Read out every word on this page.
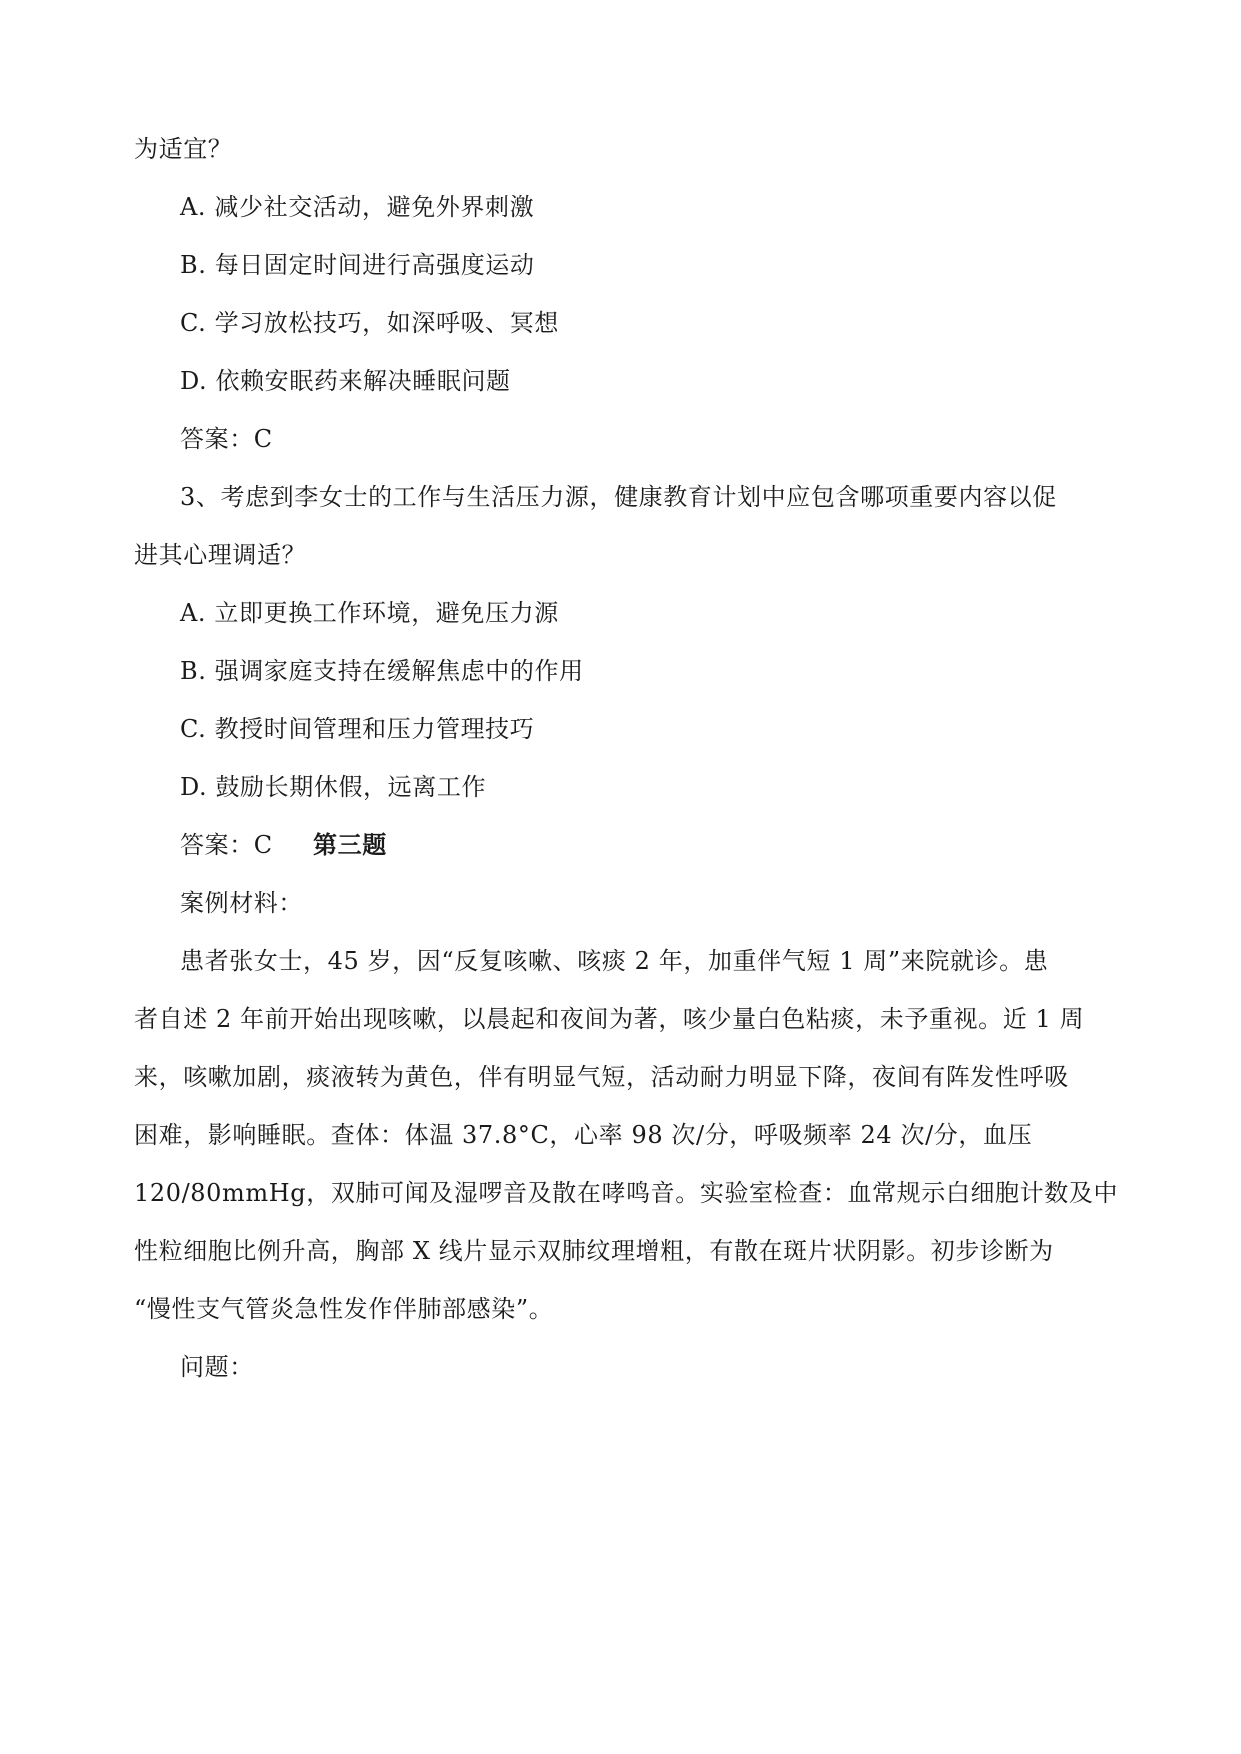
为适宜？
A. 减少社交活动，避免外界刺激
B. 每日固定时间进行高强度运动
C. 学习放松技巧，如深呼吸、冥想
D. 依赖安眠药来解决睡眠问题
答案：C
3、考虑到李女士的工作与生活压力源，健康教育计划中应包含哪项重要内容以促
进其心理调适？
A. 立即更换工作环境，避免压力源
B. 强调家庭支持在缓解焦虑中的作用
C. 教授时间管理和压力管理技巧
D. 鼓励长期休假，远离工作
答案：C 第三题
案例材料：
患者张女士，45 岁，因“反复咳嗽、咳痰 2 年，加重伴气短 1 周”来院就诊。患
者自述 2 年前开始出现咳嗽，以晨起和夜间为著，咳少量白色粘痰，未予重视。近 1 周
来，咳嗽加剧，痰液转为黄色，伴有明显气短，活动耐力明显下降，夜间有阵发性呼吸
困难，影响睡眠。查体：体温 37.8°C，心率 98 次/分，呼吸频率 24 次/分，血压
120/80mmHg，双肺可闻及湿啰音及散在哮鸣音。实验室检查：血常规示白细胞计数及中
性粒细胞比例升高，胸部 X 线片显示双肺纹理增粗，有散在斑片状阴影。初步诊断为
“慢性支气管炎急性发作伴肺部感染”。
问题：
